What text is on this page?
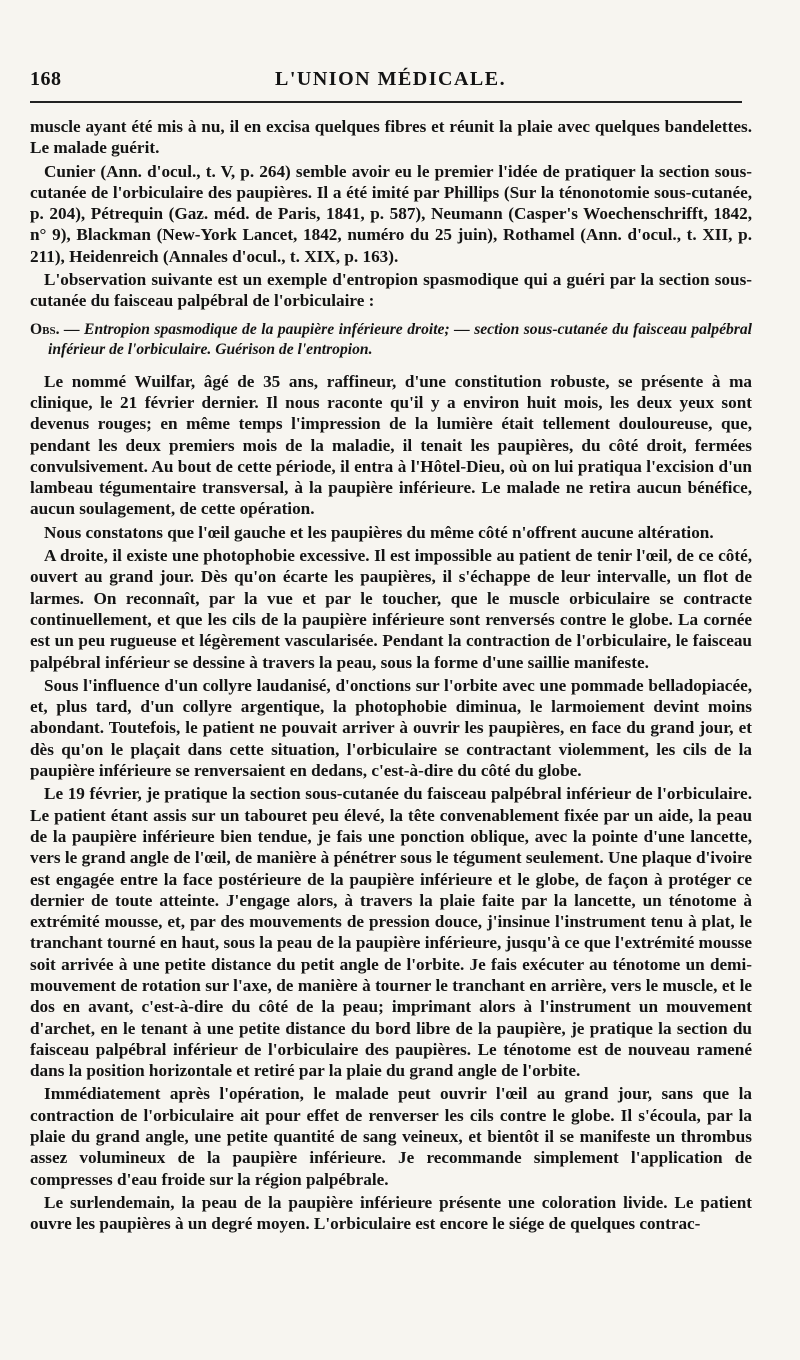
168	L'UNION MÉDICALE.

muscle ayant été mis à nu, il en excisa quelques fibres et réunit la plaie avec quelques bandelettes. Le malade guérit.

Cunier (Ann. d'ocul., t. V, p. 264) semble avoir eu le premier l'idée de pratiquer la section sous-cutanée de l'orbiculaire des paupières. Il a été imité par Phillips (Sur la ténonotomie sous-cutanée, p. 204), Pétrequin (Gaz. méd. de Paris, 1841, p. 587), Neumann (Casper's Woechenschrifft, 1842, n° 9), Blackman (New-York Lancet, 1842, numéro du 25 juin), Rothamel (Ann. d'ocul., t. XII, p. 211), Heidenreich (Annales d'ocul., t. XIX, p. 163).

L'observation suivante est un exemple d'entropion spasmodique qui a guéri par la section sous-cutanée du faisceau palpébral de l'orbiculaire :

Obs. — Entropion spasmodique de la paupière inférieure droite; — section sous-cutanée du faisceau palpébral inférieur de l'orbiculaire. Guérison de l'entropion.

Le nommé Wuilfar, âgé de 35 ans, raffineur, d'une constitution robuste, se présente à ma clinique, le 21 février dernier. Il nous raconte qu'il y a environ huit mois, les deux yeux sont devenus rouges; en même temps l'impression de la lumière était tellement douloureuse, que, pendant les deux premiers mois de la maladie, il tenait les paupières, du côté droit, fermées convulsivement. Au bout de cette période, il entra à l'Hôtel-Dieu, où on lui pratiqua l'excision d'un lambeau tégumentaire transversal, à la paupière inférieure. Le malade ne retira aucun bénéfice, aucun soulagement, de cette opération.

Nous constatons que l'œil gauche et les paupières du même côté n'offrent aucune altération.

A droite, il existe une photophobie excessive. Il est impossible au patient de tenir l'œil, de ce côté, ouvert au grand jour. Dès qu'on écarte les paupières, il s'échappe de leur intervalle, un flot de larmes. On reconnaît, par la vue et par le toucher, que le muscle orbiculaire se contracte continuellement, et que les cils de la paupière inférieure sont renversés contre le globe. La cornée est un peu rugueuse et légèrement vascularisée. Pendant la contraction de l'orbiculaire, le faisceau palpébral inférieur se dessine à travers la peau, sous la forme d'une saillie manifeste.

Sous l'influence d'un collyre laudanisé, d'onctions sur l'orbite avec une pommade belladopiacée, et, plus tard, d'un collyre argentique, la photophobie diminua, le larmoiement devint moins abondant. Toutefois, le patient ne pouvait arriver à ouvrir les paupières, en face du grand jour, et dès qu'on le plaçait dans cette situation, l'orbiculaire se contractant violemment, les cils de la paupière inférieure se renversaient en dedans, c'est-à-dire du côté du globe.

Le 19 février, je pratique la section sous-cutanée du faisceau palpébral inférieur de l'orbiculaire. Le patient étant assis sur un tabouret peu élevé, la tête convenablement fixée par un aide, la peau de la paupière inférieure bien tendue, je fais une ponction oblique, avec la pointe d'une lancette, vers le grand angle de l'œil, de manière à pénétrer sous le tégument seulement. Une plaque d'ivoire est engagée entre la face postérieure de la paupière inférieure et le globe, de façon à protéger ce dernier de toute atteinte. J'engage alors, à travers la plaie faite par la lancette, un ténotome à extrémité mousse, et, par des mouvements de pression douce, j'insinue l'instrument tenu à plat, le tranchant tourné en haut, sous la peau de la paupière inférieure, jusqu'à ce que l'extrémité mousse soit arrivée à une petite distance du petit angle de l'orbite. Je fais exécuter au ténotome un demi-mouvement de rotation sur l'axe, de manière à tourner le tranchant en arrière, vers le muscle, et le dos en avant, c'est-à-dire du côté de la peau; imprimant alors à l'instrument un mouvement d'archet, en le tenant à une petite distance du bord libre de la paupière, je pratique la section du faisceau palpébral inférieur de l'orbiculaire des paupières. Le ténotome est de nouveau ramené dans la position horizontale et retiré par la plaie du grand angle de l'orbite.

Immédiatement après l'opération, le malade peut ouvrir l'œil au grand jour, sans que la contraction de l'orbiculaire ait pour effet de renverser les cils contre le globe. Il s'écoula, par la plaie du grand angle, une petite quantité de sang veineux, et bientôt il se manifeste un thrombus assez volumineux de la paupière inférieure. Je recommande simplement l'application de compresses d'eau froide sur la région palpébrale.

Le surlendemain, la peau de la paupière inférieure présente une coloration livide. Le patient ouvre les paupières à un degré moyen. L'orbiculaire est encore le siége de quelques contrac-
